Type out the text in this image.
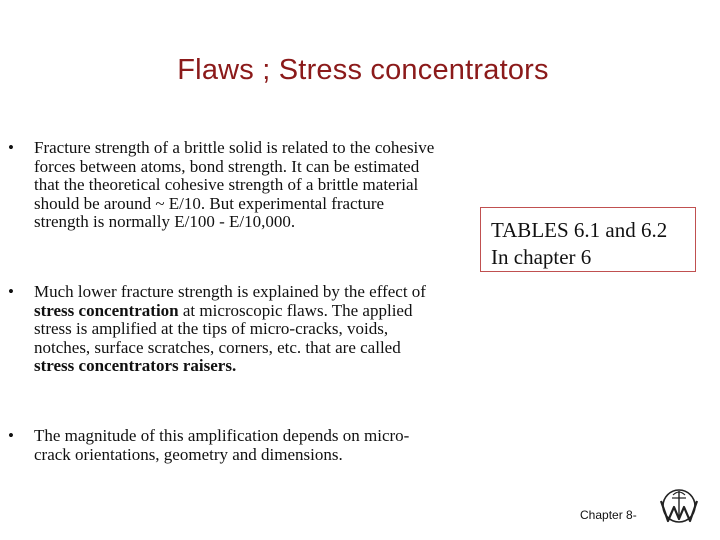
Flaws ; Stress concentrators
•	Fracture strength of a brittle solid is related to the cohesive forces between atoms, bond strength. It can be estimated that the theoretical cohesive strength of a brittle material should be around ~ E/10. But experimental fracture strength is normally E/100 - E/10,000.
•	Much lower fracture strength is explained by the effect of stress concentration at microscopic flaws. The applied stress is amplified at the tips of micro-cracks, voids, notches, surface scratches, corners, etc. that are called stress concentrators raisers.
•	The magnitude of this amplification depends on micro-crack orientations, geometry and dimensions.
TABLES 6.1 and 6.2
In chapter 6
Chapter 8-
